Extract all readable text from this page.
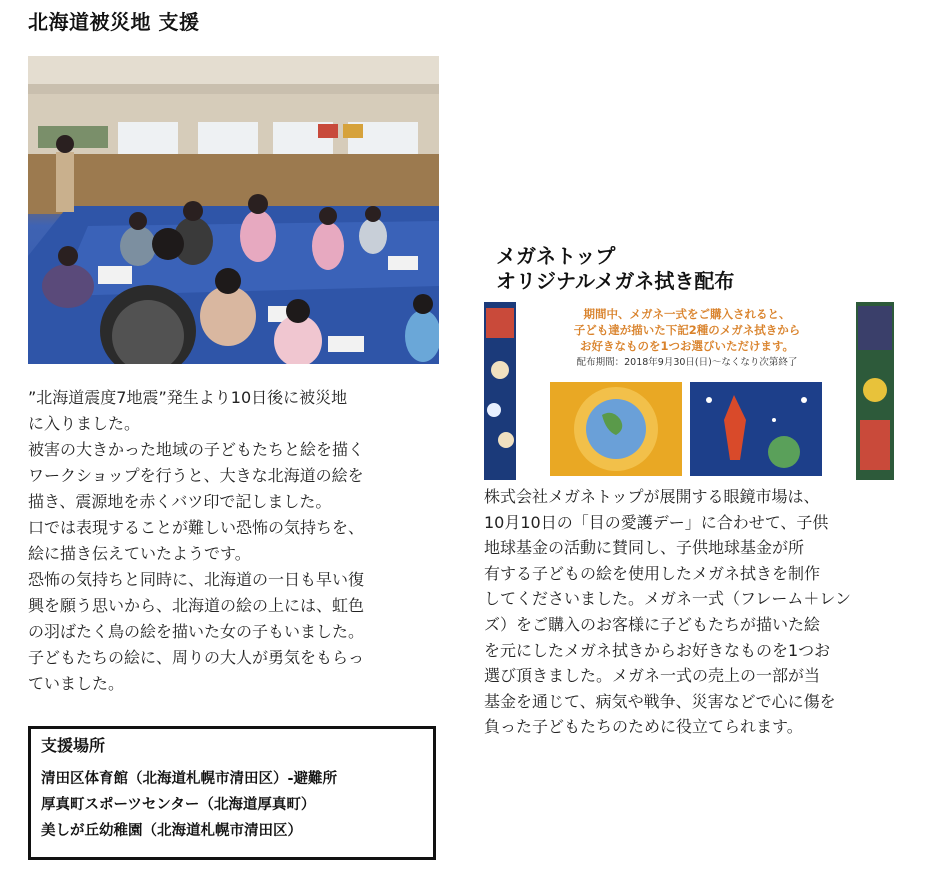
北海道被災地 支援
”北海道震度7地震”発生より10日後に被災地
に入りました。
被害の大きかった地域の子どもたちと絵を描く
ワークショップを行うと、大きな北海道の絵を
描き、震源地を赤くバツ印で記しました。
口では表現することが難しい恐怖の気持ちを、
絵に描き伝えていたようです。
恐怖の気持ちと同時に、北海道の一日も早い復
興を願う思いから、北海道の絵の上には、虹色
の羽ばたく鳥の絵を描いた女の子もいました。
子どもたちの絵に、周りの大人が勇気をもらっ
ていました。
支援場所
清田区体育館（北海道札幌市清田区）-避難所
厚真町スポーツセンター（北海道厚真町）
美しが丘幼稚園（北海道札幌市清田区）
メガネトップ
オリジナルメガネ拭き配布
期間中、メガネ一式をご購入されると、
子ども達が描いた下記2種のメガネ拭きから
お好きなものを1つお選びいただけます。
配布期間：2018年9月30日(日)～なくなり次第終了
株式会社メガネトップが展開する眼鏡市場は、
10月10日の「目の愛護デー」に合わせて、子供
地球基金の活動に賛同し、子供地球基金が所
有する子どもの絵を使用したメガネ拭きを制作
してくださいました。メガネ一式（フレーム＋レン
ズ）をご購入のお客様に子どもたちが描いた絵
を元にしたメガネ拭きからお好きなものを1つお
選び頂きました。メガネ一式の売上の一部が当
基金を通じて、病気や戦争、災害などで心に傷を
負った子どもたちのために役立てられます。
